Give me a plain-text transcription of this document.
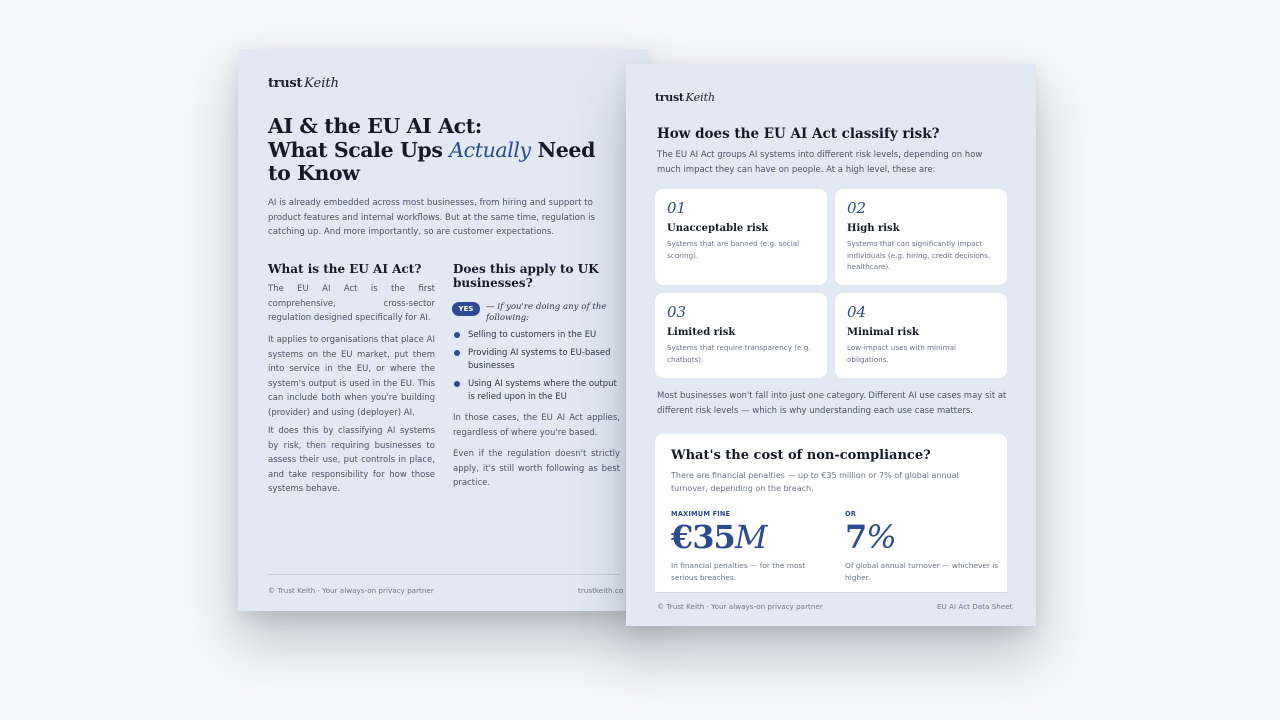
trust Keith
AI & the EU AI Act:
What Scale Ups Actually Need
to Know
AI is already embedded across most businesses, from hiring and support to product features and internal workflows. But at the same time, regulation is catching up. And more importantly, so are customer expectations.
What is the EU AI Act?
The EU AI Act is the first comprehensive, cross-sector regulation designed specifically for AI.
It applies to organisations that place AI systems on the EU market, put them into service in the EU, or where the system's output is used in the EU. This can include both when you're building (provider) and using (deployer) AI.
It does this by classifying AI systems by risk, then requiring businesses to assess their use, put controls in place, and take responsibility for how those systems behave.
Does this apply to UK businesses?
YES	— if you're doing any of the following:
Selling to customers in the EU
Providing AI systems to EU-based businesses
Using AI systems where the output is relied upon in the EU
In those cases, the EU AI Act applies, regardless of where you're based.
Even if the regulation doesn't strictly apply, it's still worth following as best practice.
© Trust Keith · Your always-on privacy partner	trustkeith.co
trust Keith
How does the EU AI Act classify risk?
The EU AI Act groups AI systems into different risk levels, depending on how much impact they can have on people. At a high level, these are:
01
Unacceptable risk
Systems that are banned (e.g. social scoring).
02
High risk
Systems that can significantly impact individuals (e.g. hiring, credit decisions, healthcare).
03
Limited risk
Systems that require transparency (e.g. chatbots).
04
Minimal risk
Low-impact uses with minimal obligations.
Most businesses won't fall into just one category. Different AI use cases may sit at different risk levels — which is why understanding each use case matters.
What's the cost of non-compliance?
There are financial penalties — up to €35 million or 7% of global annual turnover, depending on the breach.
MAXIMUM FINE
€35M
In financial penalties — for the most serious breaches.
OR
7%
Of global annual turnover — whichever is higher.
© Trust Keith · Your always-on privacy partner	EU AI Act Data Sheet
